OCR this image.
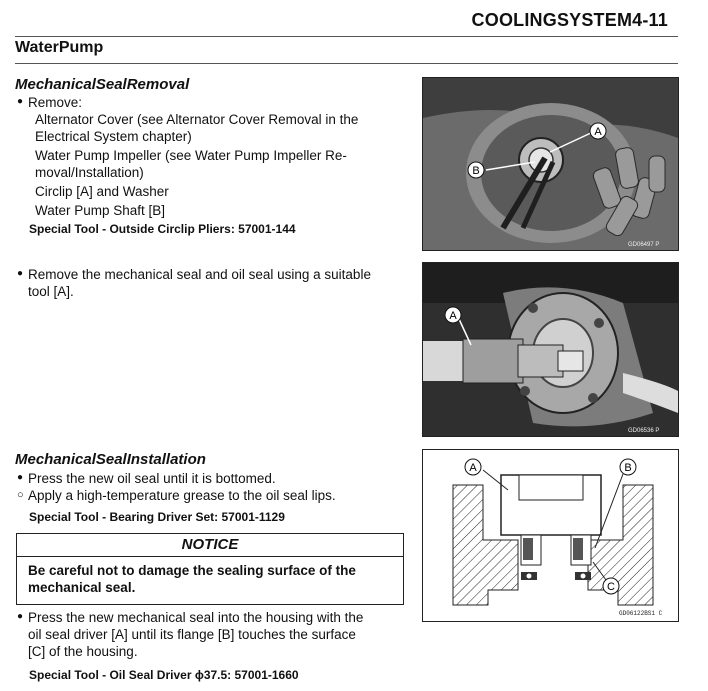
COOLINGSYSTEM4-11
WaterPump
MechanicalSealRemoval
● Remove:
Alternator Cover (see Alternator Cover Removal in the
Electrical System chapter)
Water Pump Impeller (see Water Pump Impeller Re-
moval/Installation)
Circlip [A] and Washer
Water Pump Shaft [B]
Special Tool - Outside Circlip Pliers: 57001-144
● Remove the mechanical seal and oil seal using a suitable
tool [A].
A
B
GD06497 P
A
GD06536 P
MechanicalSealInstallation
● Press the new oil seal until it is bottomed.
○ Apply a high-temperature grease to the oil seal lips.
Special Tool - Bearing Driver Set: 57001-1129
NOTICE
Be careful not to damage the sealing surface of the
mechanical seal.
● Press the new mechanical seal into the housing with the
oil seal driver [A] until its flange [B] touches the surface
[C] of the housing.
Special Tool - Oil Seal Driver ϕ37.5: 57001-1660
A	B
C
GD06122BS1 C
